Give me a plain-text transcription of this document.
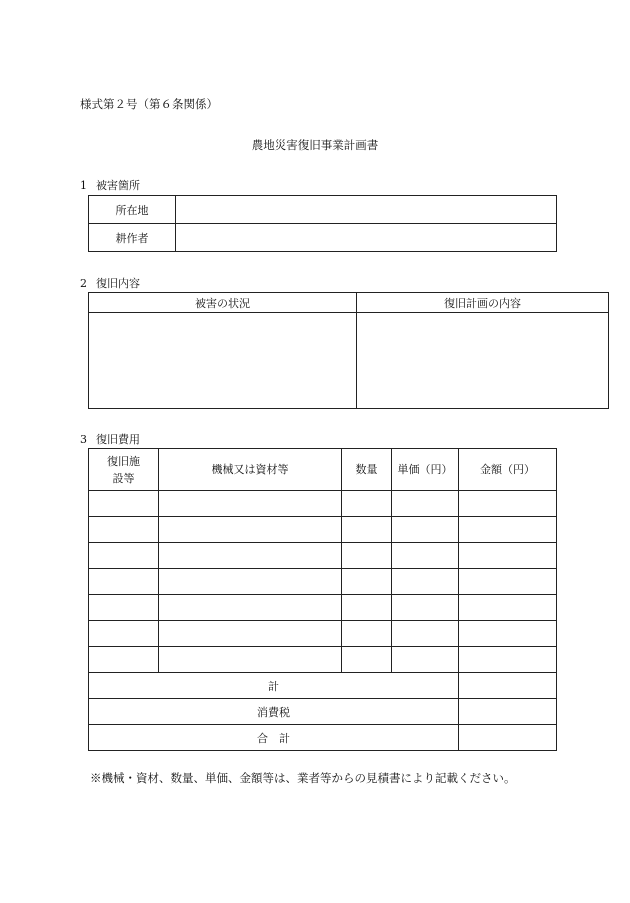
様式第２号（第６条関係）
農地災害復旧事業計画書
1 被害箇所
所在地	
耕作者	
2 復旧内容
被害の状況	復旧計画の内容

3 復旧費用
復旧施設等	機械又は資材等	数量	単価（円）	金額（円）

計				
消費税				
合　計				
※機械・資材、数量、単価、金額等は、業者等からの見積書により記載ください。
